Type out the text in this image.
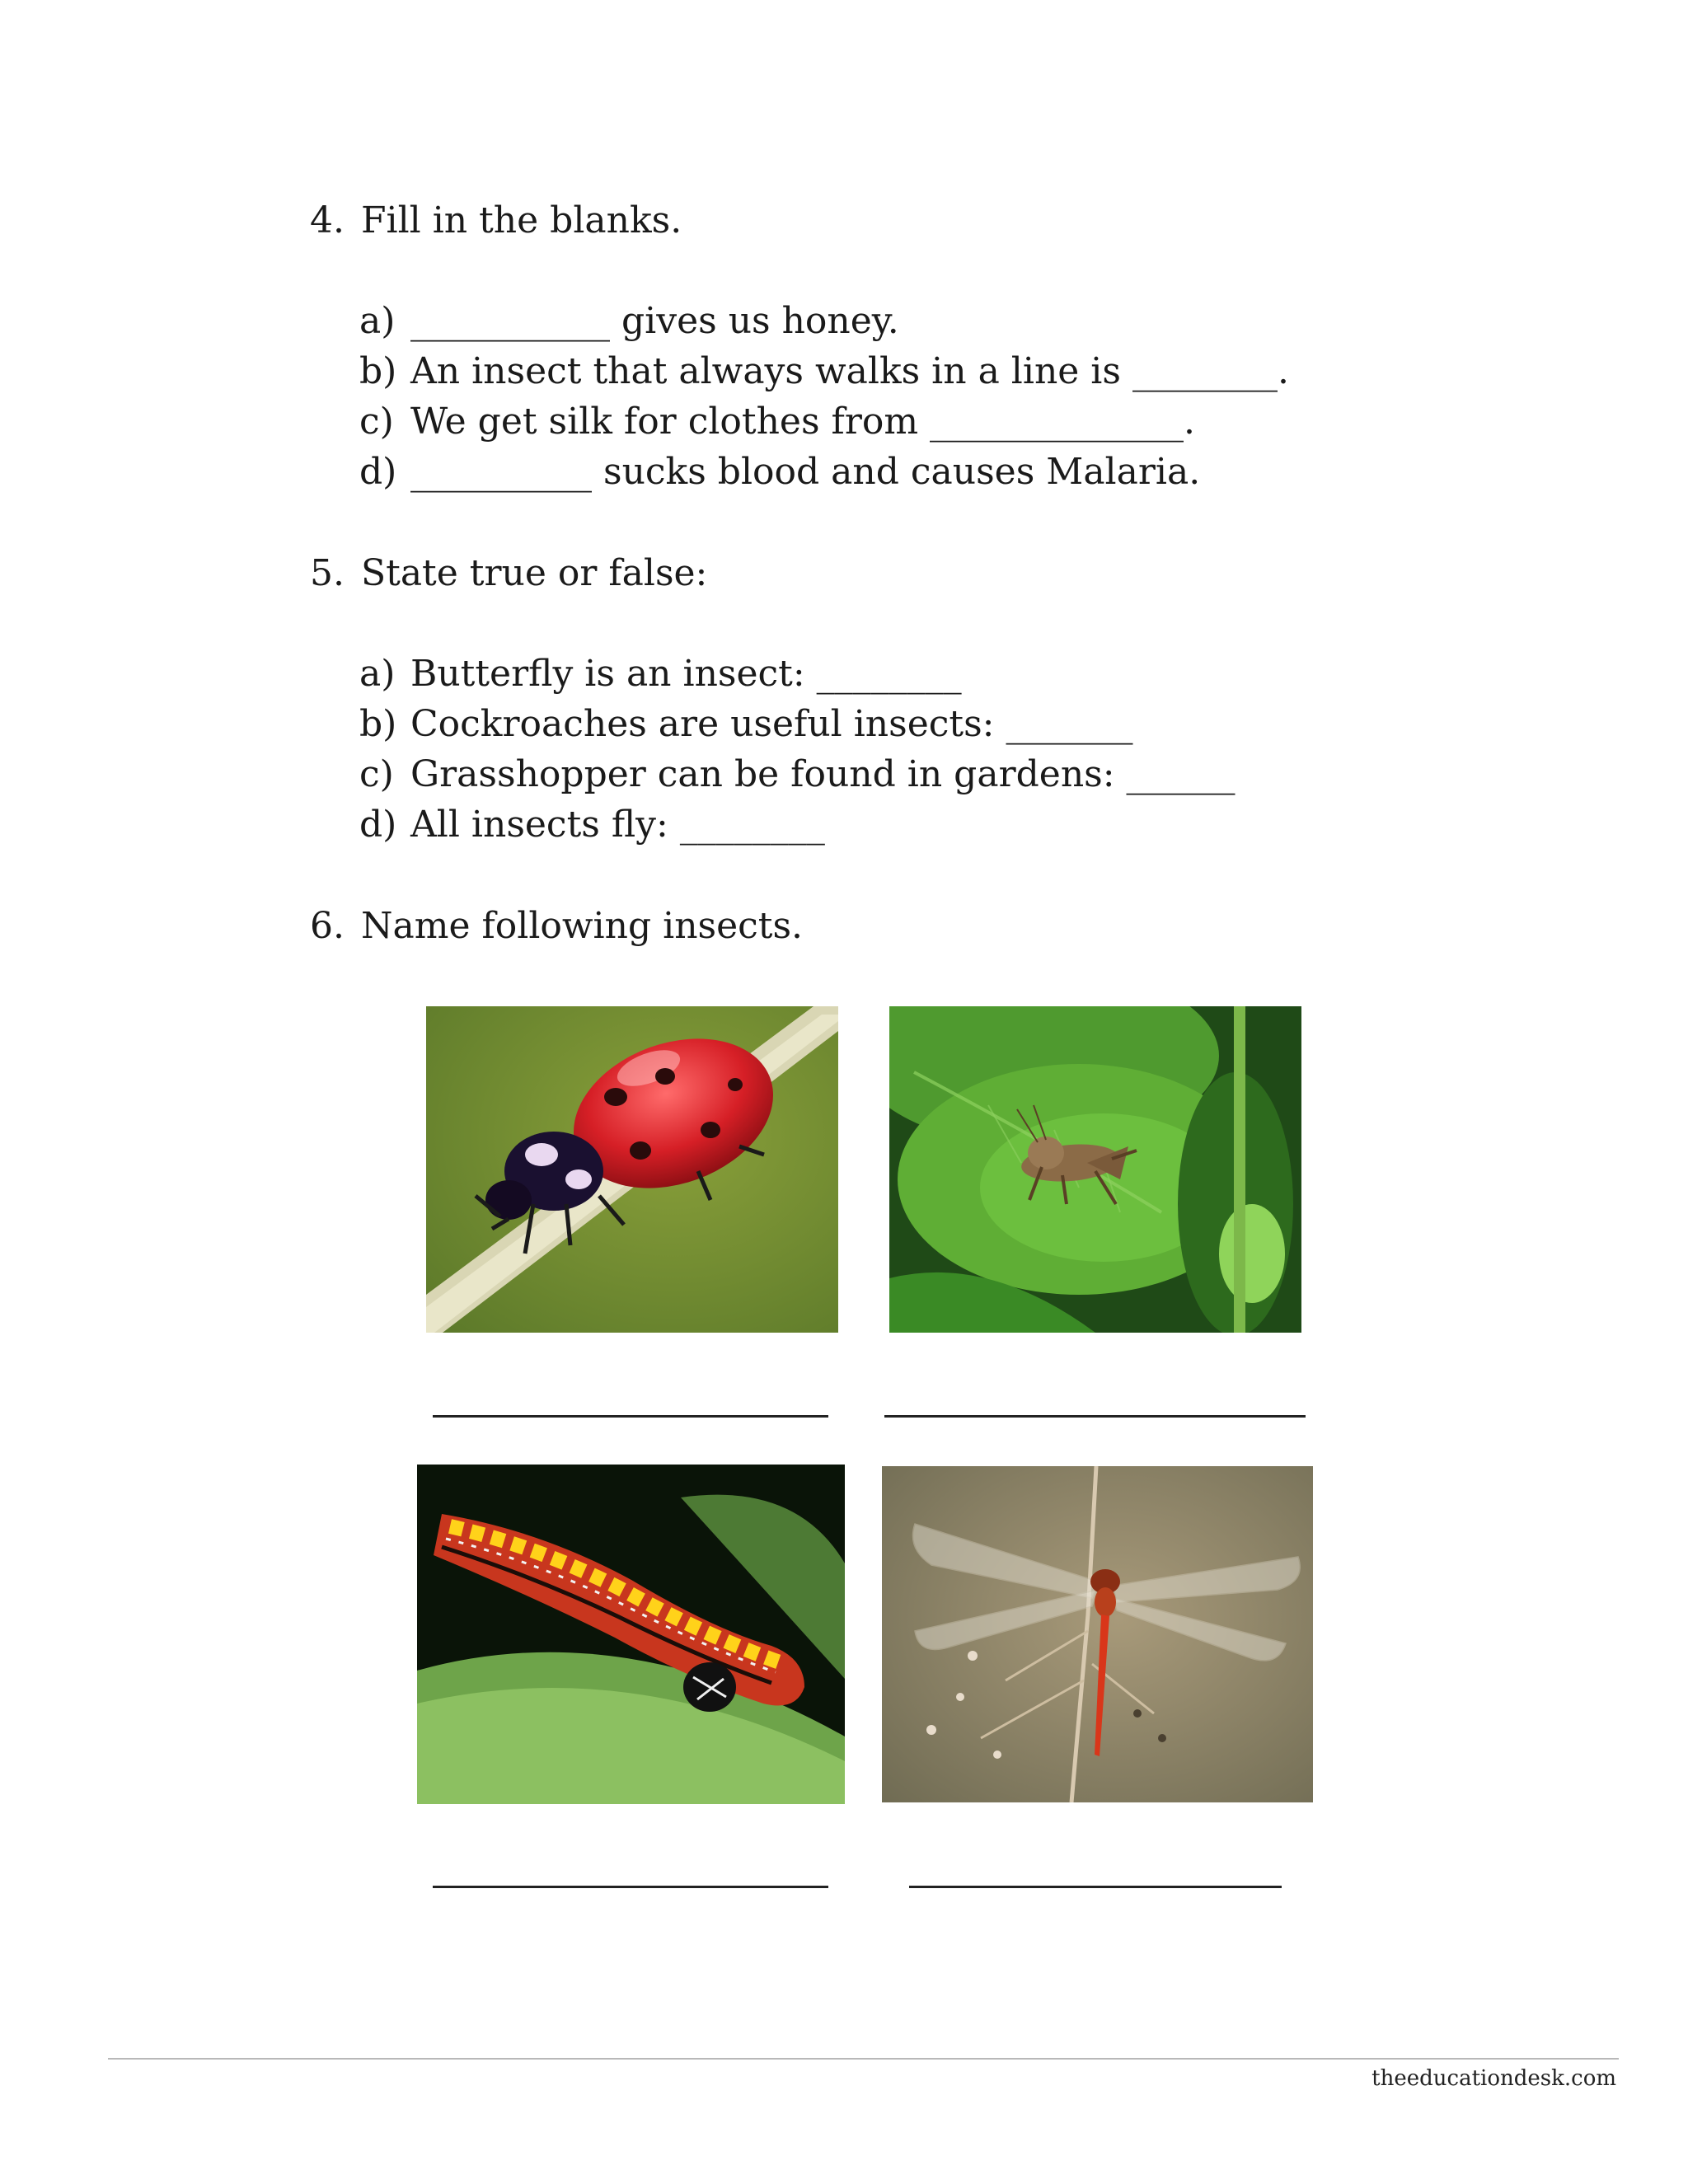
4. Fill in the blanks.
a) ___________ gives us honey.
b) An insect that always walks in a line is ________.
c) We get silk for clothes from ______________.
d) __________ sucks blood and causes Malaria.
5. State true or false:
a) Butterfly is an insect: ________
b) Cockroaches are useful insects: _______
c) Grasshopper can be found in gardens: ______
d) All insects fly: ________
6. Name following insects.
theeducationdesk.com
